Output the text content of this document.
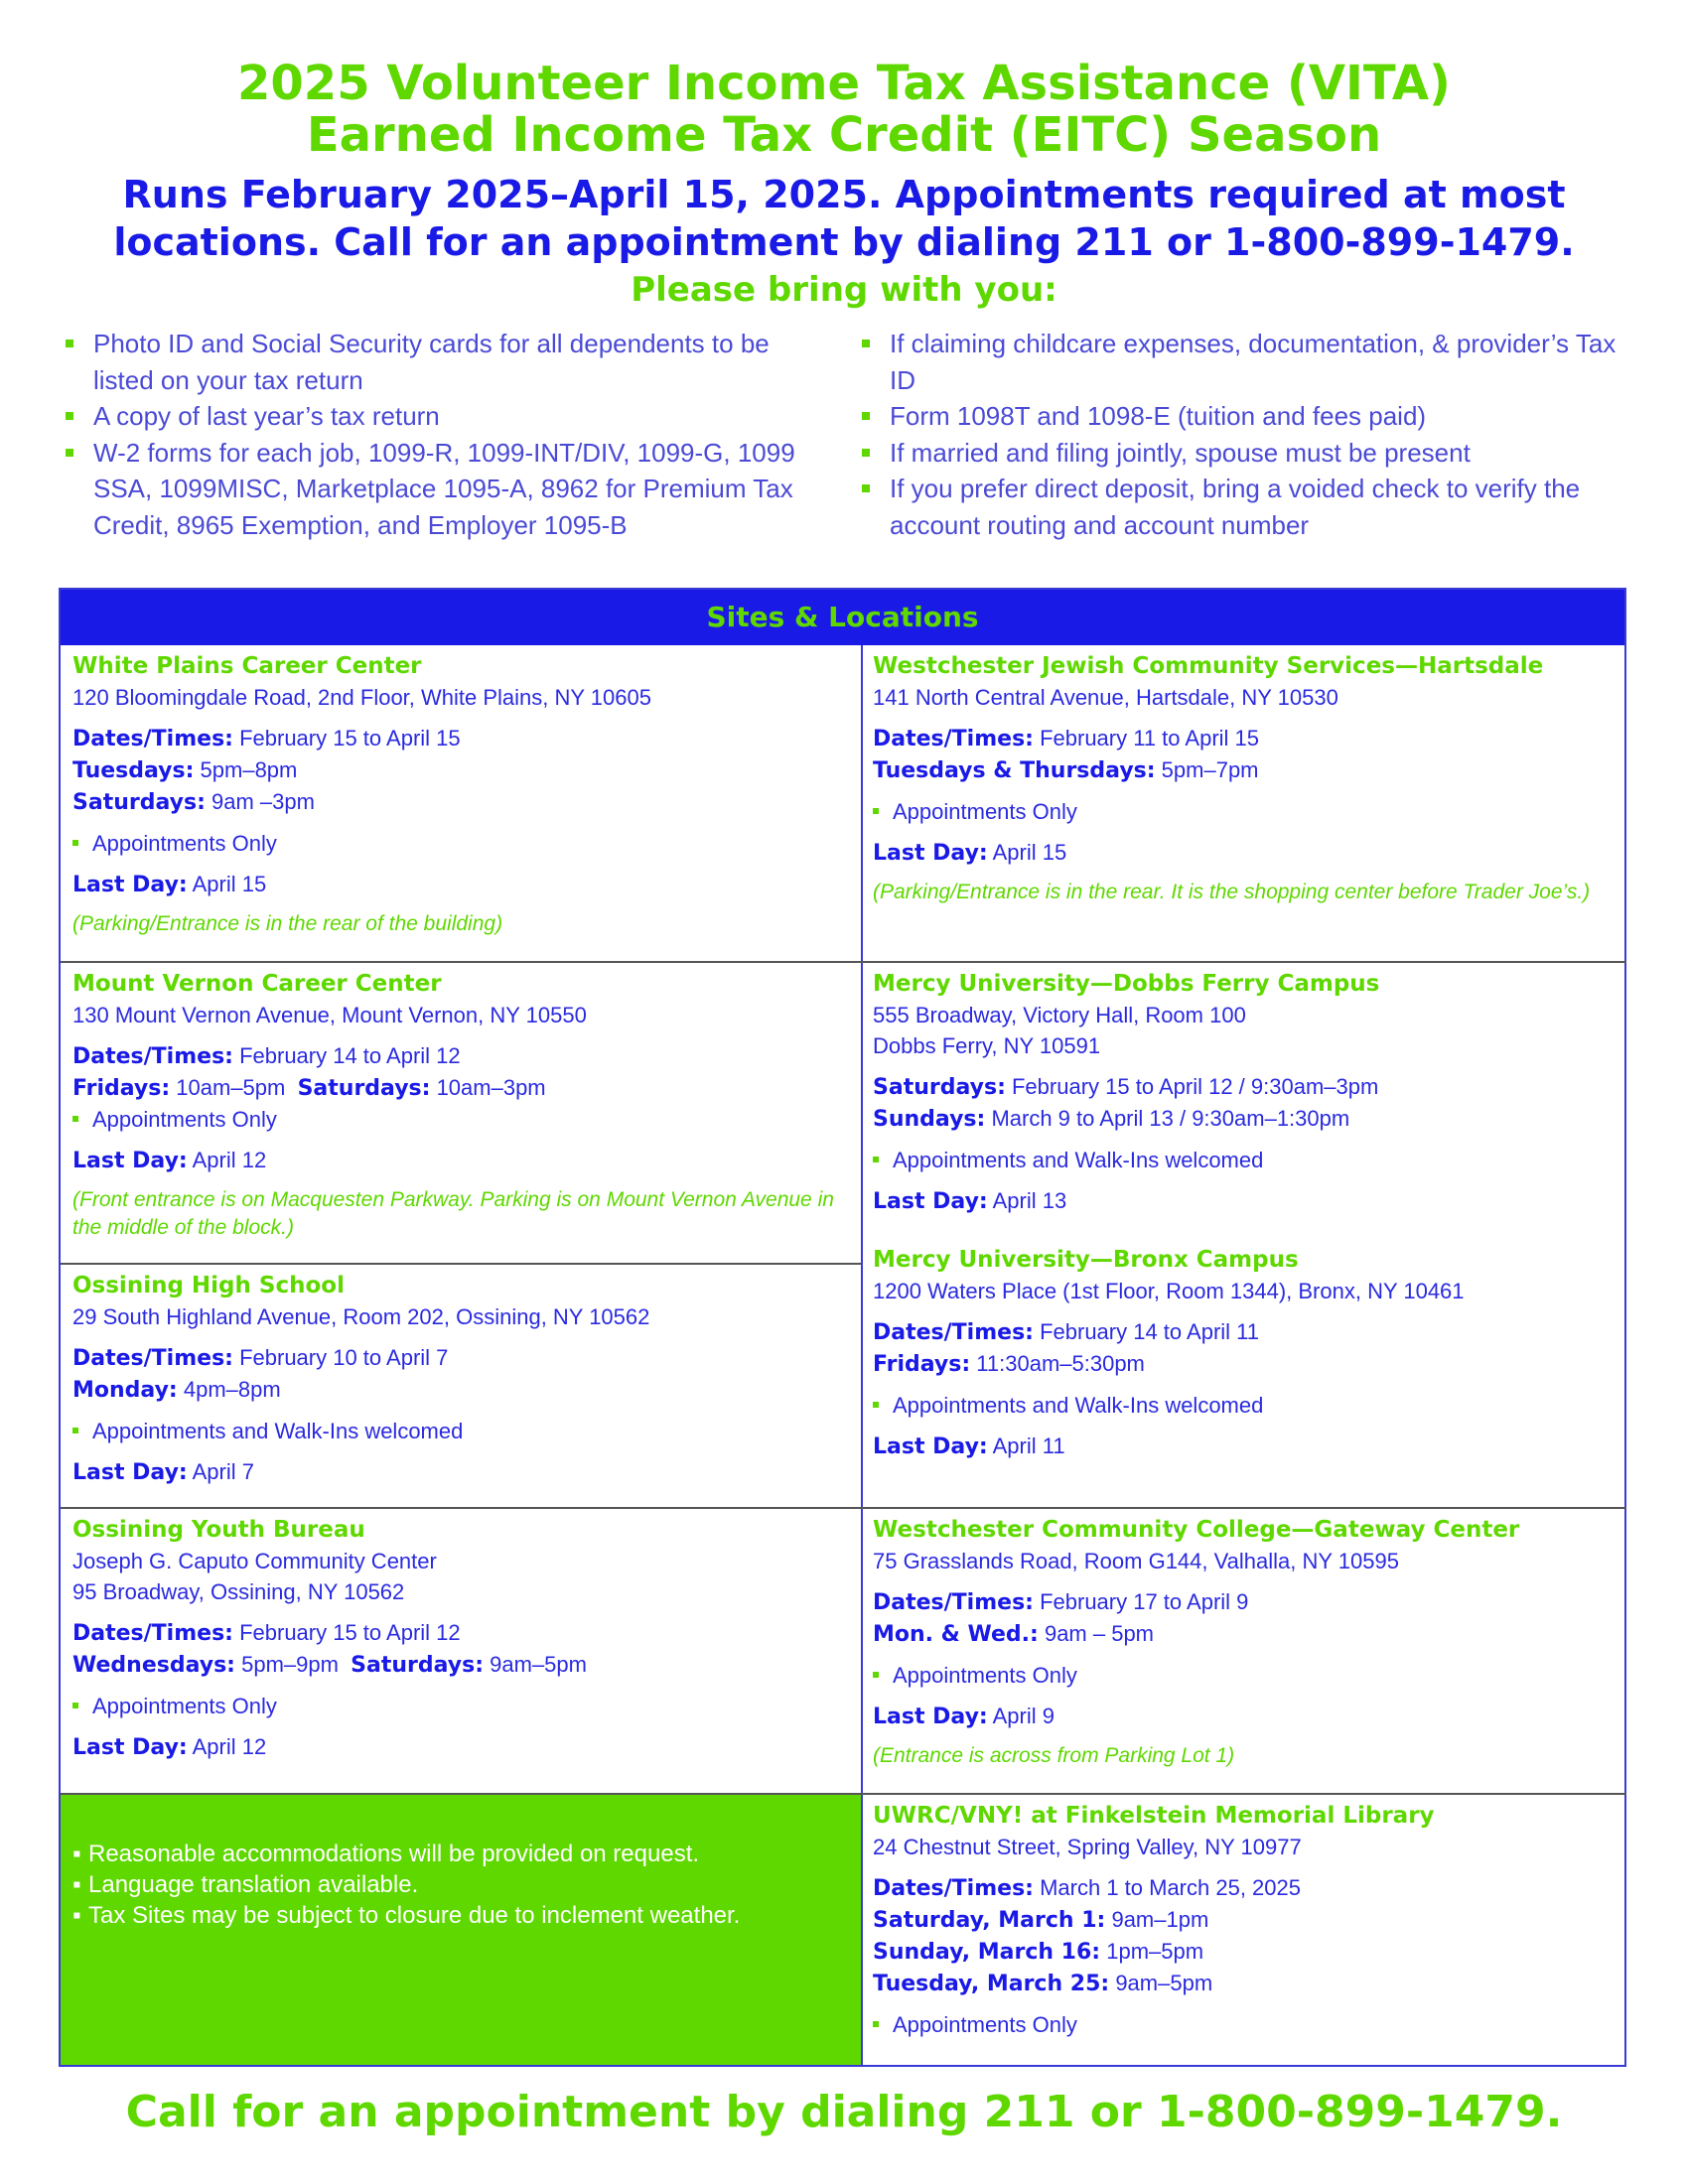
2025 Volunteer Income Tax Assistance (VITA)
Earned Income Tax Credit (EITC) Season
Runs February 2025–April 15, 2025. Appointments required at most
locations. Call for an appointment by dialing 211 or 1-800-899-1479.
Please bring with you:
Photo ID and Social Security cards for all dependents to be listed on your tax return
A copy of last year’s tax return
W-2 forms for each job, 1099-R, 1099-INT/DIV, 1099-G, 1099 SSA, 1099MISC, Marketplace 1095-A, 8962 for Premium Tax Credit, 8965 Exemption, and Employer 1095-B
If claiming childcare expenses, documentation, & provider’s Tax ID
Form 1098T and 1098-E (tuition and fees paid)
If married and filing jointly, spouse must be present
If you prefer direct deposit, bring a voided check to verify the account routing and account number
Sites & Locations
White Plains Career Center
120 Bloomingdale Road, 2nd Floor, White Plains, NY 10605
Dates/Times: February 15 to April 15
Tuesdays: 5pm–8pm
Saturdays: 9am –3pm
Appointments Only
Last Day: April 15
(Parking/Entrance is in the rear of the building)
Westchester Jewish Community Services—Hartsdale
141 North Central Avenue, Hartsdale, NY 10530
Dates/Times: February 11 to April 15
Tuesdays & Thursdays: 5pm–7pm
Appointments Only
Last Day: April 15
(Parking/Entrance is in the rear. It is the shopping center before Trader Joe’s.)
Mount Vernon Career Center
130 Mount Vernon Avenue, Mount Vernon, NY 10550
Dates/Times: February 14 to April 12
Fridays: 10am–5pm  Saturdays: 10am–3pm
Appointments Only
Last Day: April 12
(Front entrance is on Macquesten Parkway. Parking is on Mount Vernon Avenue in the middle of the block.)
Mercy University—Dobbs Ferry Campus
555 Broadway, Victory Hall, Room 100
Dobbs Ferry, NY 10591
Saturdays: February 15 to April 12 / 9:30am–3pm
Sundays: March 9 to April 13 / 9:30am–1:30pm
Appointments and Walk-Ins welcomed
Last Day: April 13
Ossining High School
29 South Highland Avenue, Room 202, Ossining, NY 10562
Dates/Times: February 10 to April 7
Monday: 4pm–8pm
Appointments and Walk-Ins welcomed
Last Day: April 7
Mercy University—Bronx Campus
1200 Waters Place (1st Floor, Room 1344), Bronx, NY 10461
Dates/Times: February 14 to April 11
Fridays: 11:30am–5:30pm
Appointments and Walk-Ins welcomed
Last Day: April 11
Ossining Youth Bureau
Joseph G. Caputo Community Center
95 Broadway, Ossining, NY 10562
Dates/Times: February 15 to April 12
Wednesdays: 5pm–9pm  Saturdays: 9am–5pm
Appointments Only
Last Day: April 12
Westchester Community College—Gateway Center
75 Grasslands Road, Room G144, Valhalla, NY 10595
Dates/Times: February 17 to April 9
Mon. & Wed.: 9am – 5pm
Appointments Only
Last Day: April 9
(Entrance is across from Parking Lot 1)
▪ Reasonable accommodations will be provided on request.
▪ Language translation available.
▪ Tax Sites may be subject to closure due to inclement weather.
UWRC/VNY! at Finkelstein Memorial Library
24 Chestnut Street, Spring Valley, NY 10977
Dates/Times: March 1 to March 25, 2025
Saturday, March 1: 9am–1pm
Sunday, March 16: 1pm–5pm
Tuesday, March 25: 9am–5pm
Appointments Only
Call for an appointment by dialing 211 or 1-800-899-1479.
